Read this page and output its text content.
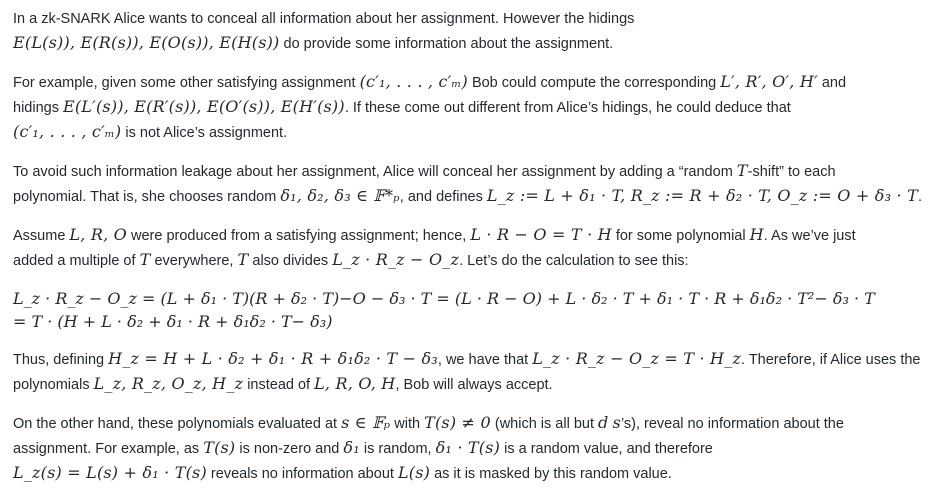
In a zk-SNARK Alice wants to conceal all information about her assignment. However the hidings
E(L(s)), E(R(s)), E(O(s)), E(H(s)) do provide some information about the assignment.
For example, given some other satisfying assignment (c′₁, . . . , c′ₘ) Bob could compute the corresponding L′, R′, O′, H′ and
hidings E(L′(s)), E(R′(s)), E(O′(s)), E(H′(s)). If these come out different from Alice’s hidings, he could deduce that
(c′₁, . . . , c′ₘ) is not Alice’s assignment.
To avoid such information leakage about her assignment, Alice will conceal her assignment by adding a “random T-shift” to each
polynomial. That is, she chooses random δ₁, δ₂, δ₃ ∈ 𝔽*ₚ, and defines L_z := L + δ₁ · T, R_z := R + δ₂ · T, O_z := O + δ₃ · T.
Assume L, R, O were produced from a satisfying assignment; hence, L · R − O = T · H for some polynomial H. As we’ve just
added a multiple of T everywhere, T also divides L_z · R_z − O_z. Let’s do the calculation to see this:
L_z · R_z − O_z = (L + δ₁ · T)(R + δ₂ · T)−O − δ₃ · T = (L · R − O) + L · δ₂ · T + δ₁ · T · R + δ₁δ₂ · T²− δ₃ · T
= T · (H + L · δ₂ + δ₁ · R + δ₁δ₂ · T− δ₃)
Thus, defining H_z = H + L · δ₂ + δ₁ · R + δ₁δ₂ · T − δ₃, we have that L_z · R_z − O_z = T · H_z. Therefore, if Alice uses the
polynomials L_z, R_z, O_z, H_z instead of L, R, O, H, Bob will always accept.
On the other hand, these polynomials evaluated at s ∈ 𝔽ₚ with T(s) ≠ 0 (which is all but d s’s), reveal no information about the
assignment. For example, as T(s) is non-zero and δ₁ is random, δ₁ · T(s) is a random value, and therefore
L_z(s) = L(s) + δ₁ · T(s) reveals no information about L(s) as it is masked by this random value.
